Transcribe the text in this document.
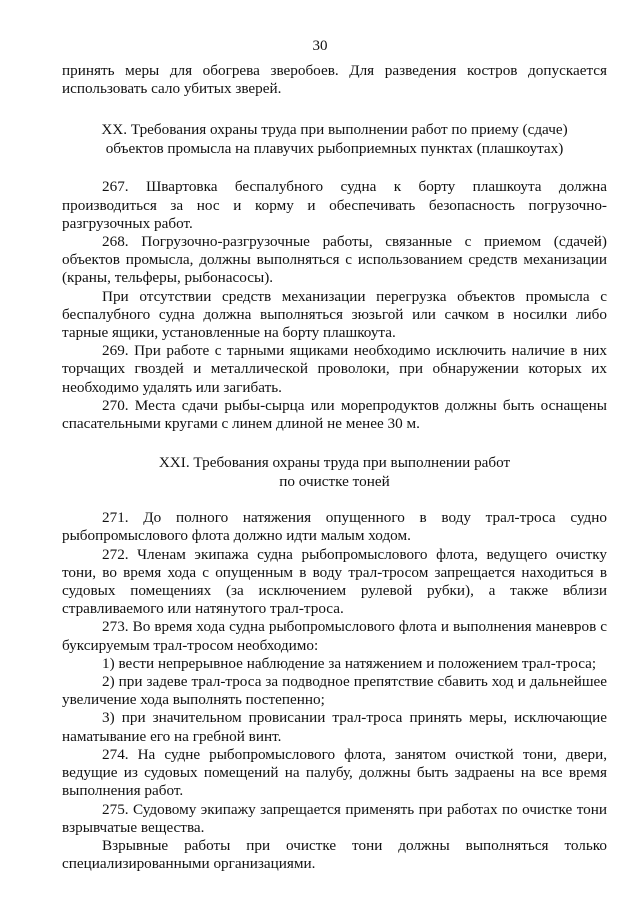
30

принять меры для обогрева зверобоев. Для разведения костров допускается использовать сало убитых зверей.

XX. Требования охраны труда при выполнении работ по приему (сдаче) объектов промысла на плавучих рыбоприемных пунктах (плашкоутах)

267. Швартовка беспалубного судна к борту плашкоута должна производиться за нос и корму и обеспечивать безопасность погрузочно-разгрузочных работ.

268. Погрузочно-разгрузочные работы, связанные с приемом (сдачей) объектов промысла, должны выполняться с использованием средств механизации (краны, тельферы, рыбонасосы).

При отсутствии средств механизации перегрузка объектов промысла с беспалубного судна должна выполняться зюзьгой или сачком в носилки либо тарные ящики, установленные на борту плашкоута.

269. При работе с тарными ящиками необходимо исключить наличие в них торчащих гвоздей и металлической проволоки, при обнаружении которых их необходимо удалять или загибать.

270. Места сдачи рыбы-сырца или морепродуктов должны быть оснащены спасательными кругами с линем длиной не менее 30 м.

XXI. Требования охраны труда при выполнении работ
по очистке тоней

271. До полного натяжения опущенного в воду трал-троса судно рыбопромыслового флота должно идти малым ходом.

272. Членам экипажа судна рыбопромыслового флота, ведущего очистку тони, во время хода с опущенным в воду трал-тросом запрещается находиться в судовых помещениях (за исключением рулевой рубки), а также вблизи стравливаемого или натянутого трал-троса.

273. Во время хода судна рыбопромыслового флота и выполнения маневров с буксируемым трал-тросом необходимо:

1) вести непрерывное наблюдение за натяжением и положением трал-троса;

2) при задеве трал-троса за подводное препятствие сбавить ход и дальнейшее увеличение хода выполнять постепенно;

3) при значительном провисании трал-троса принять меры, исключающие наматывание его на гребной винт.

274. На судне рыбопромыслового флота, занятом очисткой тони, двери, ведущие из судовых помещений на палубу, должны быть задраены на все время выполнения работ.

275. Судовому экипажу запрещается применять при работах по очистке тони взрывчатые вещества.

Взрывные работы при очистке тони должны выполняться только специализированными организациями.
